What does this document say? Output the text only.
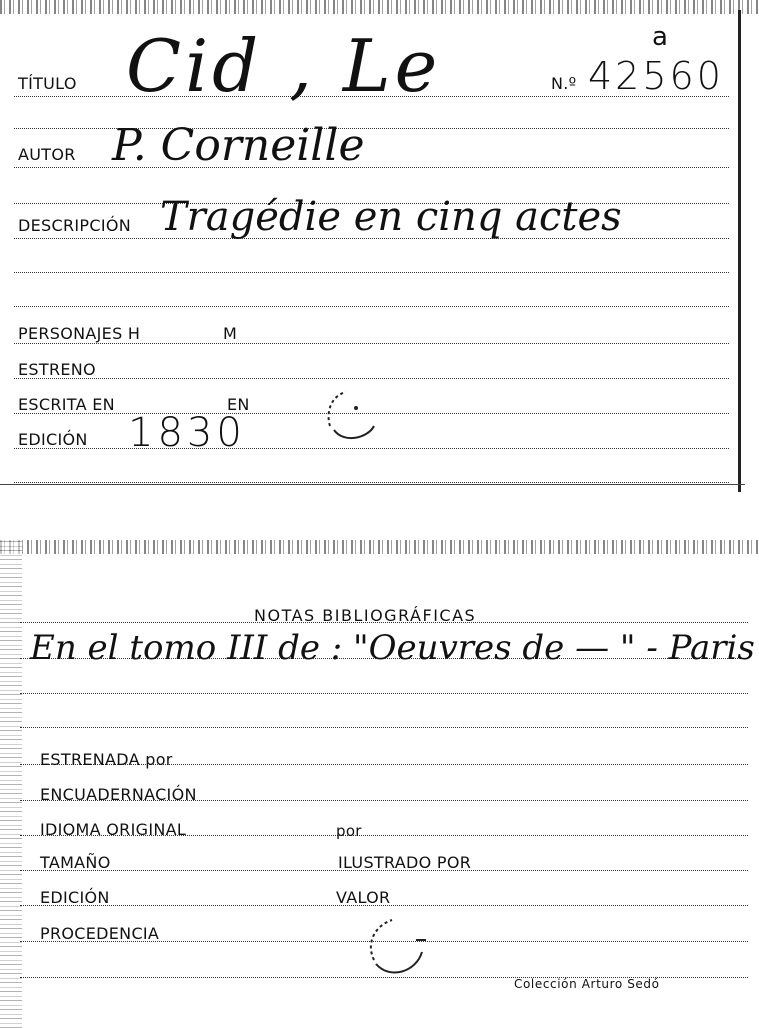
TÍTULO Cid , Le	N.º 42560
a
AUTOR P. Corneille
DESCRIPCIÓN Tragédie en cinq actes
PERSONAJES H	M
ESTRENO
ESCRITA EN	EN
EDICIÓN 1830
NOTAS BIBLIOGRÁFICAS
En el tomo III de : "Oeuvres de — " - Paris
ESTRENADA por
ENCUADERNACIÓN
IDIOMA ORIGINAL	por
TAMAÑO	ILUSTRADO POR
EDICIÓN	VALOR
PROCEDENCIA
Colección Arturo Sedó
